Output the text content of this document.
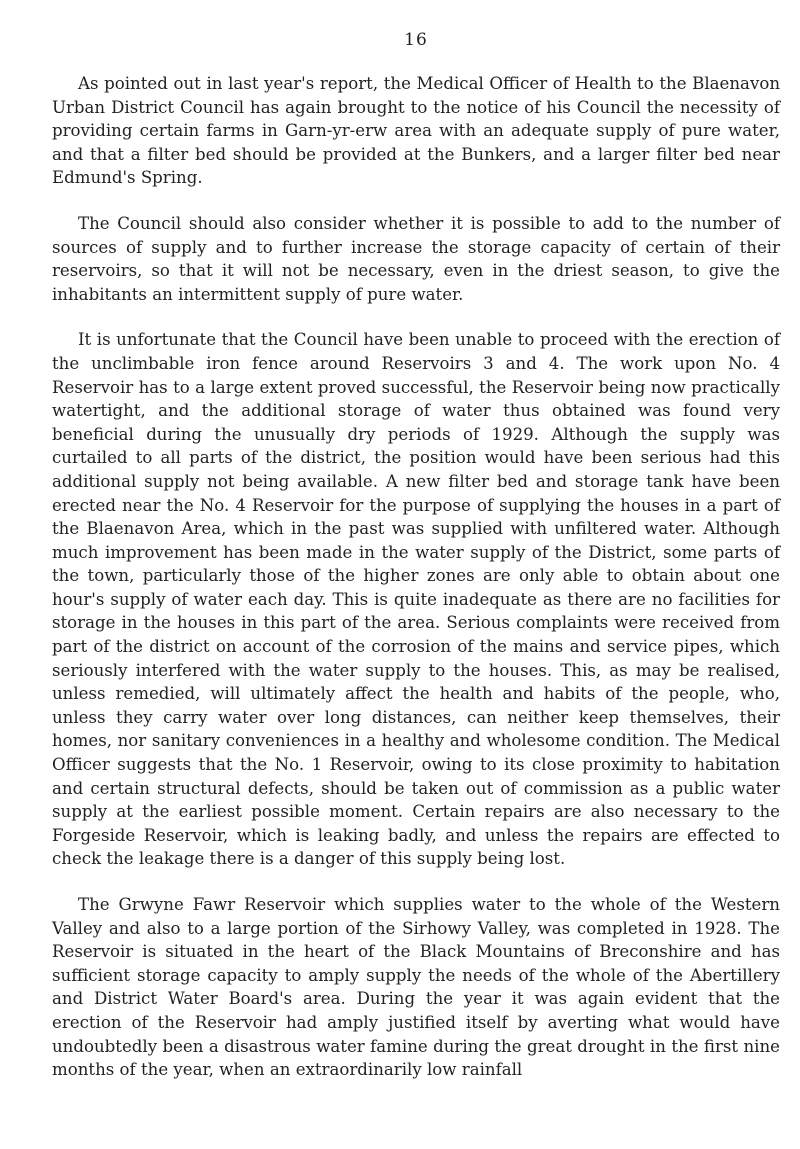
16

As pointed out in last year's report, the Medical Officer of Health to the Blaenavon Urban District Council has again brought to the notice of his Council the necessity of providing certain farms in Garn-yr-erw area with an adequate supply of pure water, and that a filter bed should be provided at the Bunkers, and a larger filter bed near Edmund's Spring.

The Council should also consider whether it is possible to add to the number of sources of supply and to further increase the storage capacity of certain of their reservoirs, so that it will not be necessary, even in the driest season, to give the inhabitants an intermittent supply of pure water.

It is unfortunate that the Council have been unable to proceed with the erection of the unclimbable iron fence around Reservoirs 3 and 4. The work upon No. 4 Reservoir has to a large extent proved successful, the Reservoir being now practically watertight, and the additional storage of water thus obtained was found very beneficial during the unusually dry periods of 1929. Although the supply was curtailed to all parts of the district, the position would have been serious had this additional supply not being available. A new filter bed and storage tank have been erected near the No. 4 Reservoir for the purpose of supplying the houses in a part of the Blaenavon Area, which in the past was supplied with unfiltered water. Although much improvement has been made in the water supply of the District, some parts of the town, particularly those of the higher zones are only able to obtain about one hour's supply of water each day. This is quite inadequate as there are no facilities for storage in the houses in this part of the area. Serious complaints were received from part of the district on account of the corrosion of the mains and service pipes, which seriously interfered with the water supply to the houses. This, as may be realised, unless remedied, will ultimately affect the health and habits of the people, who, unless they carry water over long distances, can neither keep themselves, their homes, nor sanitary conveniences in a healthy and wholesome condition. The Medical Officer suggests that the No. 1 Reservoir, owing to its close proximity to habitation and certain structural defects, should be taken out of commission as a public water supply at the earliest possible moment. Certain repairs are also necessary to the Forgeside Reservoir, which is leaking badly, and unless the repairs are effected to check the leakage there is a danger of this supply being lost.

The Grwyne Fawr Reservoir which supplies water to the whole of the Western Valley and also to a large portion of the Sirhowy Valley, was completed in 1928. The Reservoir is situated in the heart of the Black Mountains of Breconshire and has sufficient storage capacity to amply supply the needs of the whole of the Abertillery and District Water Board's area. During the year it was again evident that the erection of the Reservoir had amply justified itself by averting what would have undoubtedly been a disastrous water famine during the great drought in the first nine months of the year, when an extraordinarily low rainfall
